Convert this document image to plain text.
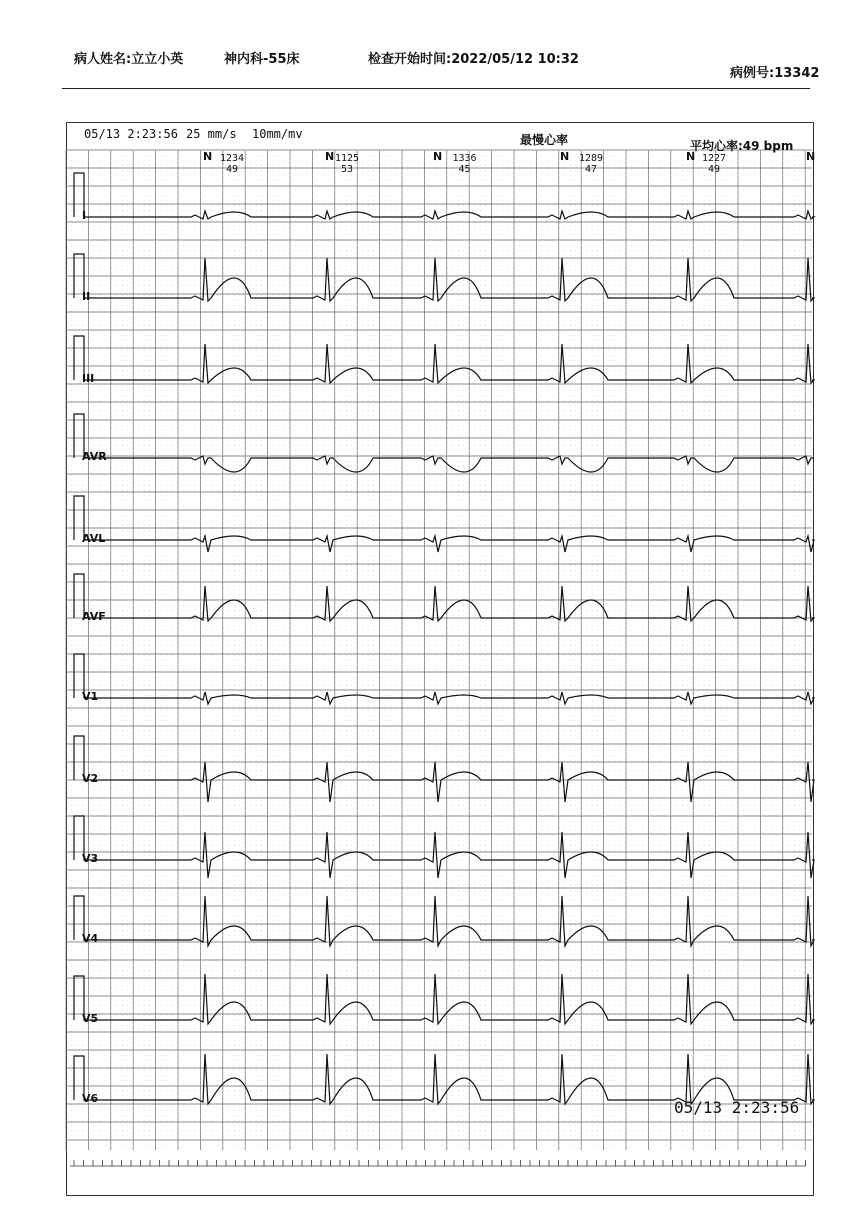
病人姓名:立立小英	神内科-55床	检查开始时间:2022/05/12 10:32
病例号:13342
05/13 2:23:56 25 mm/s 10mm/mv	最慢心率	平均心率:49 bpm
N	N	N	N	N	N
1234
49
1125
53
1336
45
1289
47
1227
49
I
II
III
AVR
AVL
AVF
V1
V2
V3
V4
V5
V6	05/13 2:23:56
